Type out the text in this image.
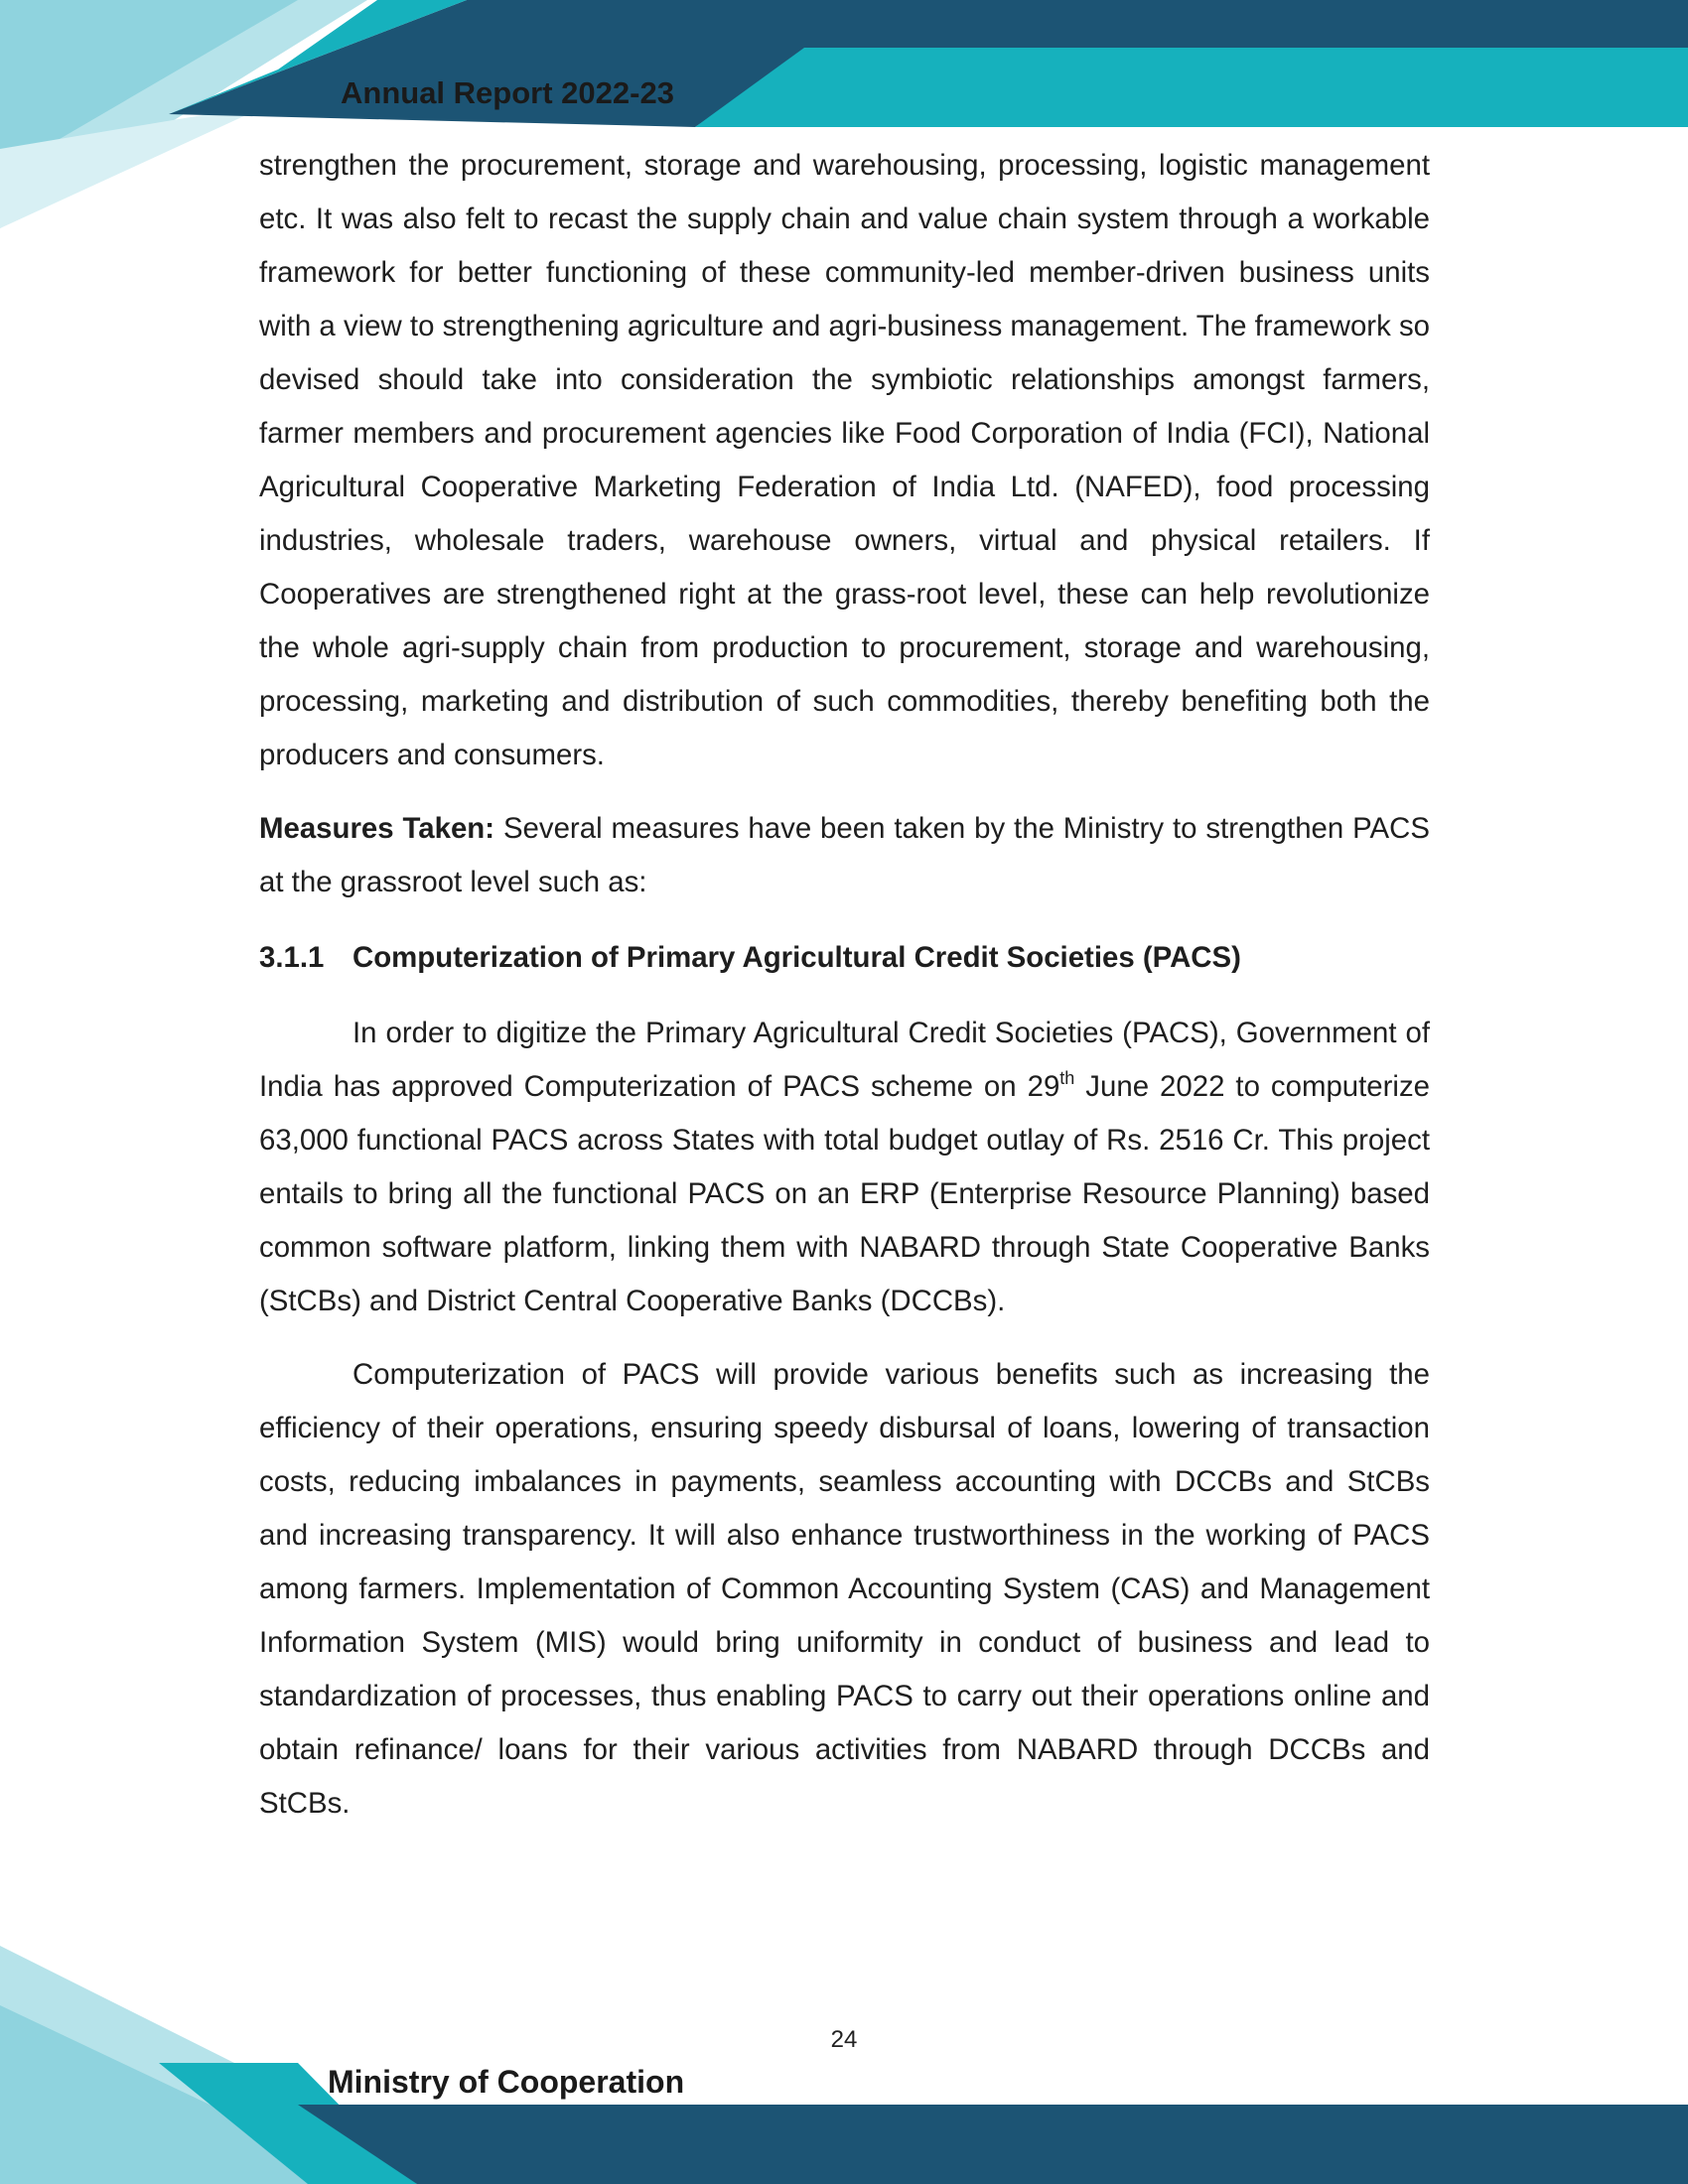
Annual Report 2022-23

strengthen the procurement, storage and warehousing, processing, logistic management etc. It was also felt to recast the supply chain and value chain system through a workable framework for better functioning of these community-led member-driven business units with a view to strengthening agriculture and agri-business management. The framework so devised should take into consideration the symbiotic relationships amongst farmers, farmer members and procurement agencies like Food Corporation of India (FCI), National Agricultural Cooperative Marketing Federation of India Ltd. (NAFED), food processing industries, wholesale traders, warehouse owners, virtual and physical retailers. If Cooperatives are strengthened right at the grass-root level, these can help revolutionize the whole agri-supply chain from production to procurement, storage and warehousing, processing, marketing and distribution of such commodities, thereby benefiting both the producers and consumers.

Measures Taken: Several measures have been taken by the Ministry to strengthen PACS at the grassroot level such as:

3.1.1 Computerization of Primary Agricultural Credit Societies (PACS)

In order to digitize the Primary Agricultural Credit Societies (PACS), Government of India has approved Computerization of PACS scheme on 29th June 2022 to computerize 63,000 functional PACS across States with total budget outlay of Rs. 2516 Cr. This project entails to bring all the functional PACS on an ERP (Enterprise Resource Planning) based common software platform, linking them with NABARD through State Cooperative Banks (StCBs) and District Central Cooperative Banks (DCCBs).

Computerization of PACS will provide various benefits such as increasing the efficiency of their operations, ensuring speedy disbursal of loans, lowering of transaction costs, reducing imbalances in payments, seamless accounting with DCCBs and StCBs and increasing transparency. It will also enhance trustworthiness in the working of PACS among farmers. Implementation of Common Accounting System (CAS) and Management Information System (MIS) would bring uniformity in conduct of business and lead to standardization of processes, thus enabling PACS to carry out their operations online and obtain refinance/ loans for their various activities from NABARD through DCCBs and StCBs.

24
Ministry of Cooperation
